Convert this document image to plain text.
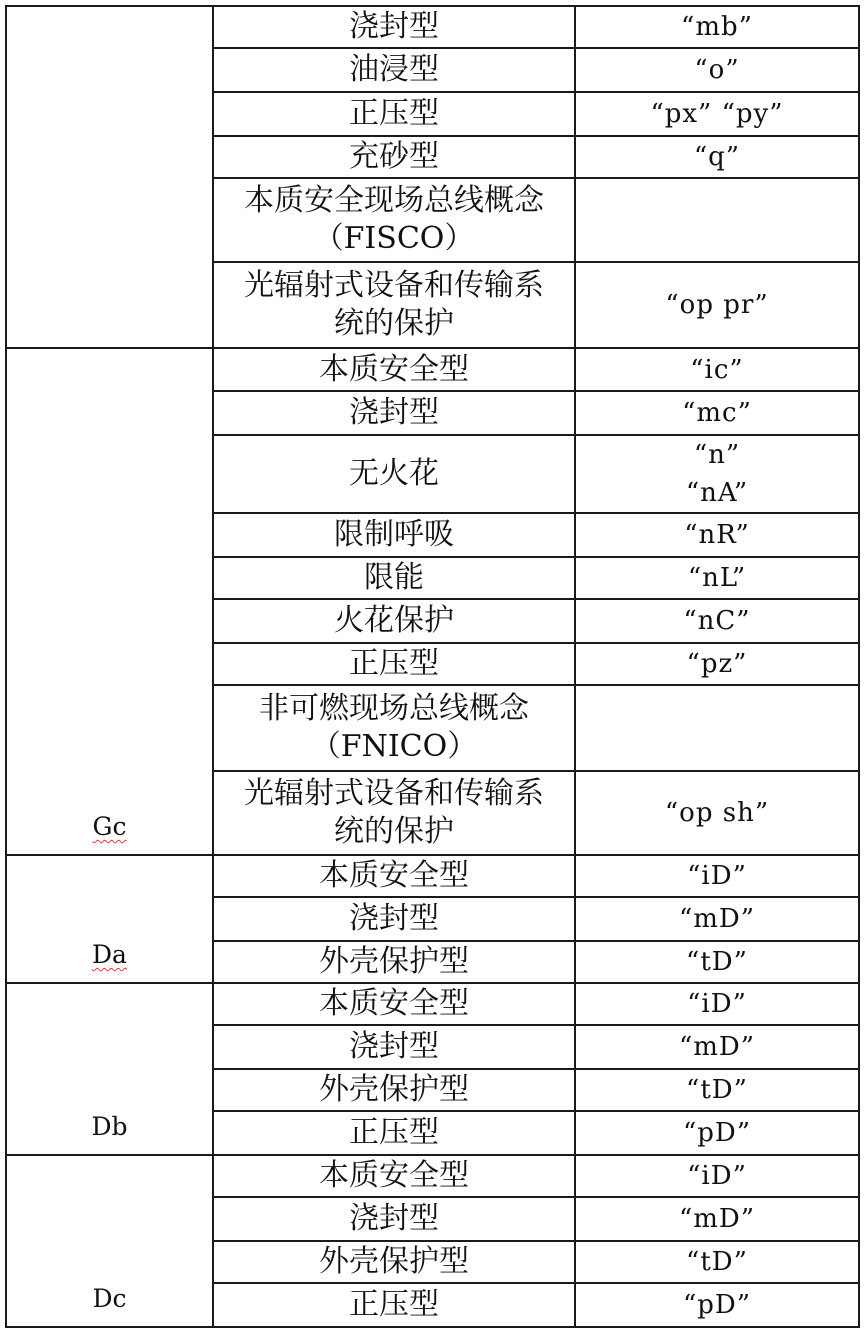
	浇封型	“mb”

	油浸型	“o”

	正压型	“px” “py”

	充砂型	“q”

	本质安全现场总线概念
（FISCO）	

	光辐射式设备和传输系
统的保护	“op pr”

Gc	本质安全型	“ic”

	浇封型	“mc”

	无火花	“n”
“nA”

	限制呼吸	“nR”

	限能	“nL”

	火花保护	“nC”

	正压型	“pz”

	非可燃现场总线概念
（FNICO）	

	光辐射式设备和传输系
统的保护	“op sh”

Da	本质安全型	“iD”

	浇封型	“mD”

	外壳保护型	“tD”

Db	本质安全型	“iD”

	浇封型	“mD”

	外壳保护型	“tD”

	正压型	“pD”

Dc	本质安全型	“iD”

	浇封型	“mD”

	外壳保护型	“tD”

	正压型	“pD”
